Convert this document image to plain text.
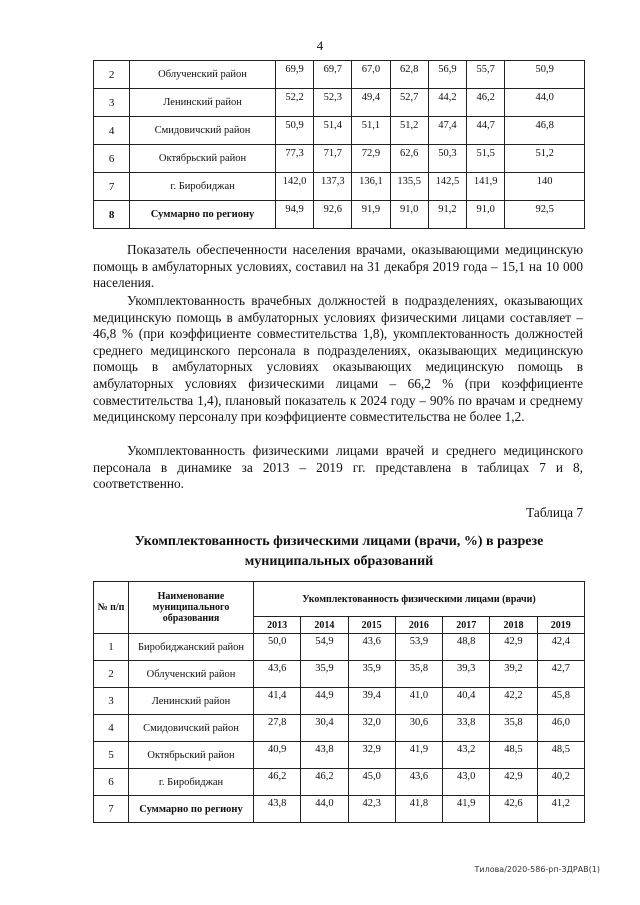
4
2	Облученский район	69,9	69,7	67,0	62,8	56,9	55,7	50,9
3	Ленинский район	52,2	52,3	49,4	52,7	44,2	46,2	44,0
4	Смидовичский район	50,9	51,4	51,1	51,2	47,4	44,7	46,8
6	Октябрьский район	77,3	71,7	72,9	62,6	50,3	51,5	51,2
7	г. Биробиджан	142,0	137,3	136,1	135,5	142,5	141,9	140
8	Суммарно по региону	94,9	92,6	91,9	91,0	91,2	91,0	92,5

Показатель обеспеченности населения врачами, оказывающими медицинскую помощь в амбулаторных условиях, составил на 31 декабря 2019 года – 15,1 на 10 000 населения.

Укомплектованность врачебных должностей в подразделениях, оказывающих медицинскую помощь в амбулаторных условиях физическими лицами составляет – 46,8 % (при коэффициенте совместительства 1,8), укомплектованность должностей среднего медицинского персонала в подразделениях, оказывающих медицинскую помощь в амбулаторных условиях оказывающих медицинскую помощь в амбулаторных условиях физическими лицами – 66,2 % (при коэффициенте совместительства 1,4), плановый показатель к 2024 году – 90% по врачам и среднему медицинскому персоналу при коэффициенте совместительства не более 1,2.

Укомплектованность физическими лицами врачей и среднего медицинского персонала в динамике за 2013 – 2019 гг. представлена в таблицах 7 и 8, соответственно.

Таблица 7
Укомплектованность физическими лицами (врачи, %) в разрезе
муниципальных образований
№ п/п	Наименование муниципального образования	Укомплектованность физическими лицами (врачи)						
		2013	2014	2015	2016	2017	2018	2019
1	Биробиджанский район	50,0	54,9	43,6	53,9	48,8	42,9	42,4
2	Облученский район	43,6	35,9	35,9	35,8	39,3	39,2	42,7
3	Ленинский район	41,4	44,9	39,4	41,0	40,4	42,2	45,8
4	Смидовичский район	27,8	30,4	32,0	30,6	33,8	35,8	46,0
5	Октябрьский район	40,9	43,8	32,9	41,9	43,2	48,5	48,5
6	г. Биробиджан	46,2	46,2	45,0	43,6	43,0	42,9	40,2
7	Суммарно по региону	43,8	44,0	42,3	41,8	41,9	42,6	41,2
Тилова/2020-586-рп-ЗДРАВ(1)
